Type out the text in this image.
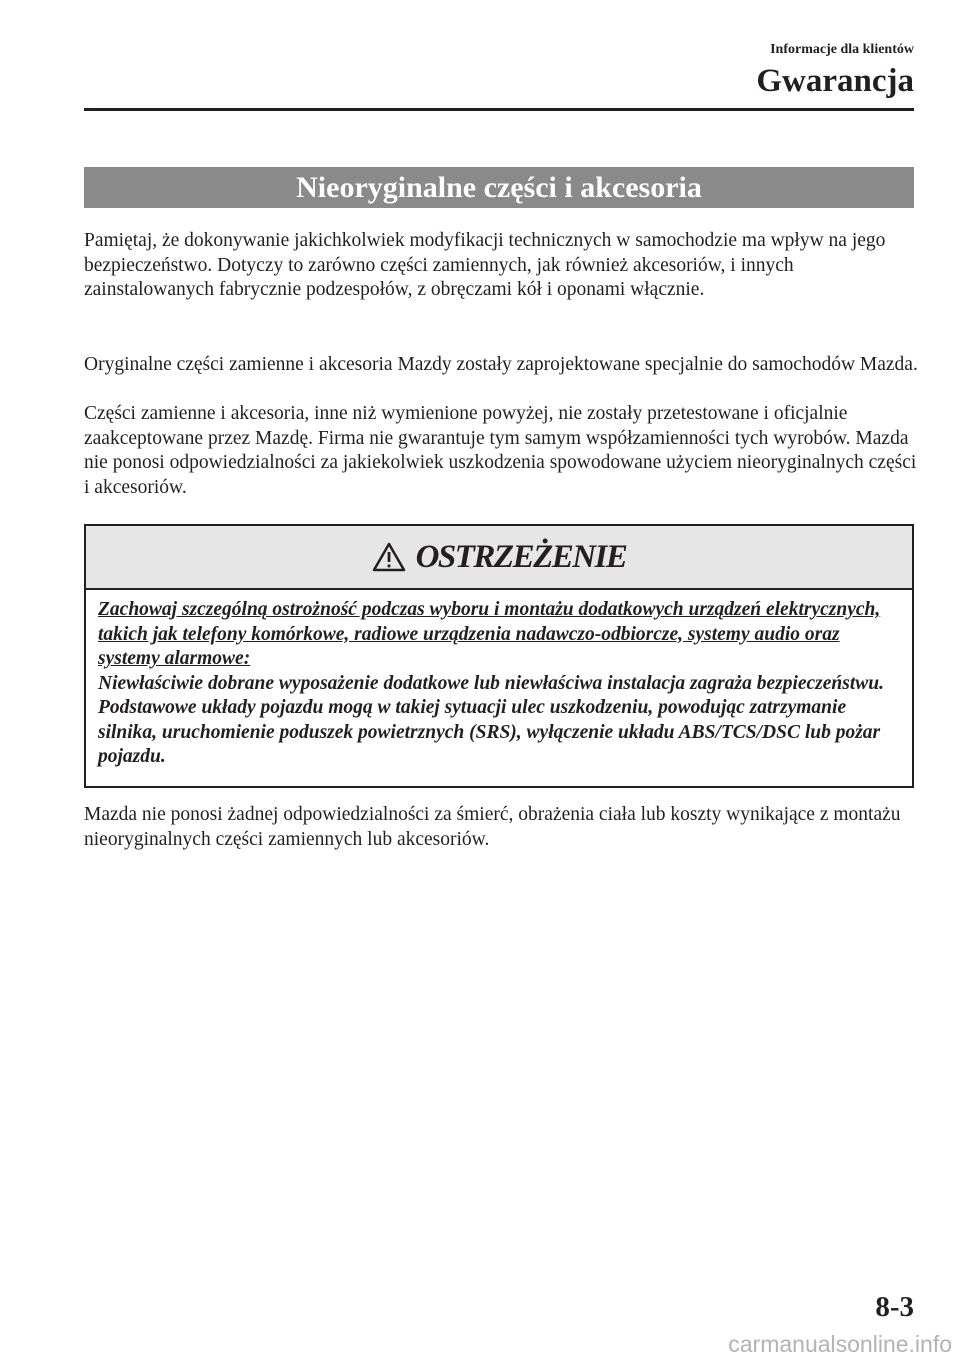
Informacje dla klientów
Gwarancja
Nieoryginalne części i akcesoria

Pamiętaj, że dokonywanie jakichkolwiek modyfikacji technicznych w samochodzie ma wpływ na jego bezpieczeństwo. Dotyczy to zarówno części zamiennych, jak również akcesoriów, i innych zainstalowanych fabrycznie podzespołów, z obręczami kół i oponami włącznie.

Oryginalne części zamienne i akcesoria Mazdy zostały zaprojektowane specjalnie do samochodów Mazda.

Części zamienne i akcesoria, inne niż wymienione powyżej, nie zostały przetestowane i oficjalnie zaakceptowane przez Mazdę. Firma nie gwarantuje tym samym współzamienności tych wyrobów. Mazda nie ponosi odpowiedzialności za jakiekolwiek uszkodzenia spowodowane użyciem nieoryginalnych części i akcesoriów.

OSTRZEŻENIE

Zachowaj szczególną ostrożność podczas wyboru i montażu dodatkowych urządzeń elektrycznych, takich jak telefony komórkowe, radiowe urządzenia nadawczo-odbiorcze, systemy audio oraz systemy alarmowe:

Niewłaściwie dobrane wyposażenie dodatkowe lub niewłaściwa instalacja zagraża bezpieczeństwu. Podstawowe układy pojazdu mogą w takiej sytuacji ulec uszkodzeniu, powodując zatrzymanie silnika, uruchomienie poduszek powietrznych (SRS), wyłączenie układu ABS/TCS/DSC lub pożar pojazdu.

Mazda nie ponosi żadnej odpowiedzialności za śmierć, obrażenia ciała lub koszty wynikające z montażu nieoryginalnych części zamiennych lub akcesoriów.

8-3
carmanualsonline.info
